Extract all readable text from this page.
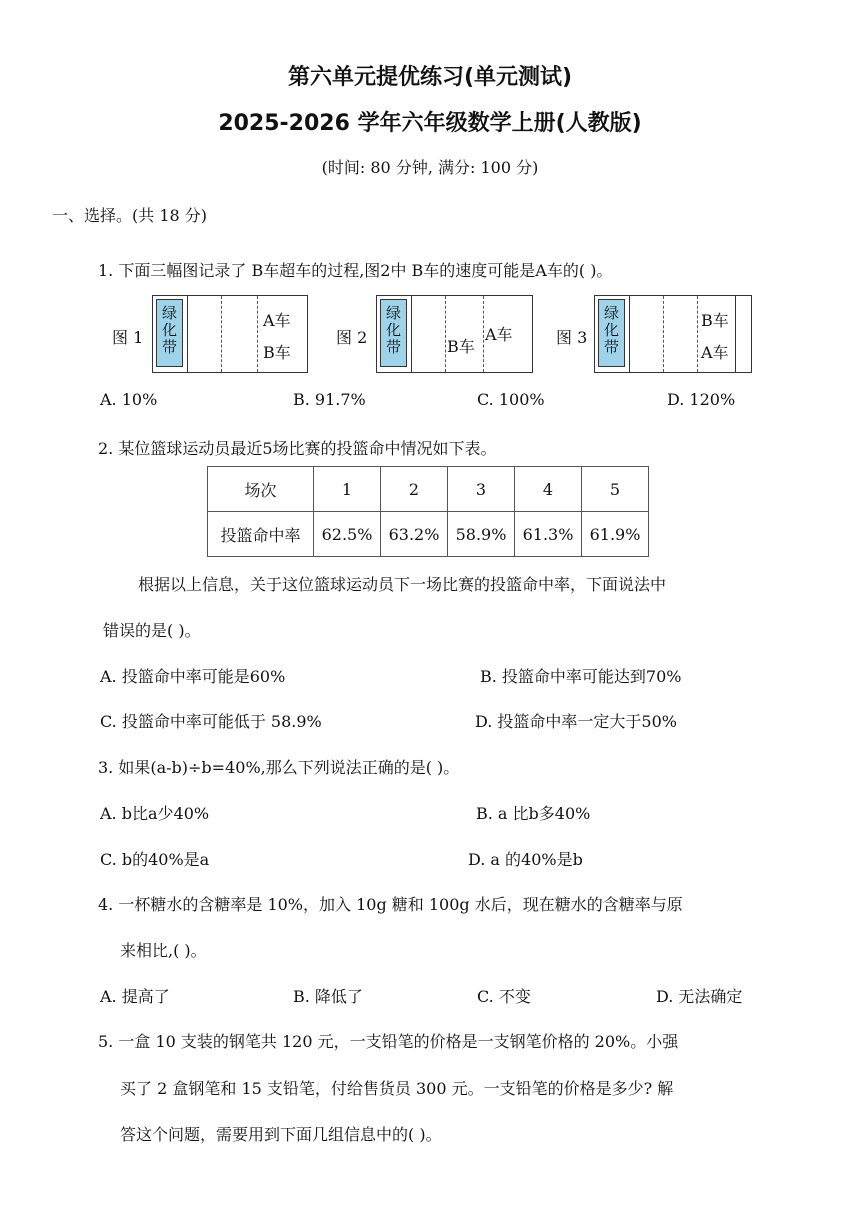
第六单元提优练习(单元测试)
2025-2026 学年六年级数学上册(人教版)
(时间: 80 分钟, 满分: 100 分)
一、选择。(共 18 分)
1. 下面三幅图记录了 B车超车的过程,图2中 B车的速度可能是A车的( )。
图 1
绿化带
A车
B车
图 2
绿化带	B车
A车	图 3
绿化带
B车
A车
A. 10%	B. 91.7%	C. 100%	D. 120%
2. 某位篮球运动员最近5场比赛的投篮命中情况如下表。
场次	1	2	3	4	5
投篮命中率	62.5%	63.2%	58.9%	61.3%	61.9%
根据以上信息，关于这位篮球运动员下一场比赛的投篮命中率，下面说法中
错误的是( )。
A. 投篮命中率可能是60%	B. 投篮命中率可能达到70%
C. 投篮命中率可能低于 58.9%	D. 投篮命中率一定大于50%
3. 如果(a-b)÷b=40%,那么下列说法正确的是( )。
A. b比a少40%	B. a 比b多40%
C. b的40%是a	D. a 的40%是b
4. 一杯糖水的含糖率是 10%，加入 10g 糖和 100g 水后，现在糖水的含糖率与原
来相比,( )。
A. 提高了	B. 降低了	C. 不变	D. 无法确定
5. 一盒 10 支装的钢笔共 120 元，一支铅笔的价格是一支钢笔价格的 20%。小强
买了 2 盒钢笔和 15 支铅笔，付给售货员 300 元。一支铅笔的价格是多少? 解
答这个问题，需要用到下面几组信息中的( )。
